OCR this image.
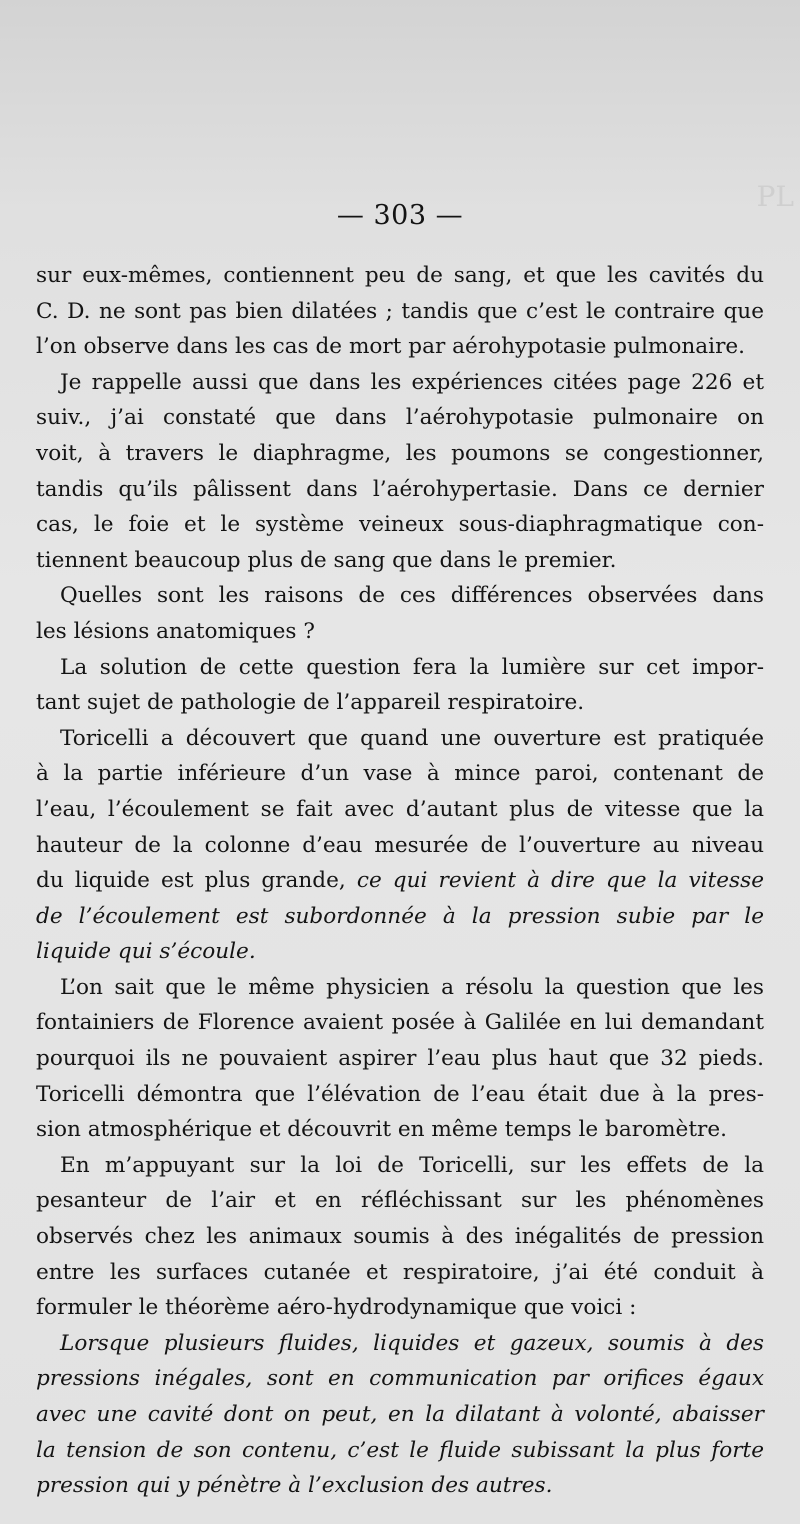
PL
— 303 —
sur eux-mêmes, contiennent peu de sang, et que les cavités du
C. D. ne sont pas bien dilatées ; tandis que c’est le contraire que
l’on observe dans les cas de mort par aérohypotasie pulmonaire.
Je rappelle aussi que dans les expériences citées page 226 et
suiv., j’ai constaté que dans l’aérohypotasie pulmonaire on
voit, à travers le diaphragme, les poumons se congestionner,
tandis qu’ils pâlissent dans l’aérohypertasie. Dans ce dernier
cas, le foie et le système veineux sous-diaphragmatique con-
tiennent beaucoup plus de sang que dans le premier.
Quelles sont les raisons de ces différences observées dans
les lésions anatomiques ?
La solution de cette question fera la lumière sur cet impor-
tant sujet de pathologie de l’appareil respiratoire.
Toricelli a découvert que quand une ouverture est pratiquée
à la partie inférieure d’un vase à mince paroi, contenant de
l’eau, l’écoulement se fait avec d’autant plus de vitesse que la
hauteur de la colonne d’eau mesurée de l’ouverture au niveau
du liquide est plus grande, ce qui revient à dire que la vitesse
de l’écoulement est subordonnée à la pression subie par le
liquide qui s’écoule.
L’on sait que le même physicien a résolu la question que les
fontainiers de Florence avaient posée à Galilée en lui demandant
pourquoi ils ne pouvaient aspirer l’eau plus haut que 32 pieds.
Toricelli démontra que l’élévation de l’eau était due à la pres-
sion atmosphérique et découvrit en même temps le baromètre.
En m’appuyant sur la loi de Toricelli, sur les effets de la
pesanteur de l’air et en réfléchissant sur les phénomènes
observés chez les animaux soumis à des inégalités de pression
entre les surfaces cutanée et respiratoire, j’ai été conduit à
formuler le théorème aéro-hydrodynamique que voici :
Lorsque plusieurs fluides, liquides et gazeux, soumis à des
pressions inégales, sont en communication par orifices égaux
avec une cavité dont on peut, en la dilatant à volonté, abaisser
la tension de son contenu, c’est le fluide subissant la plus forte
pression qui y pénètre à l’exclusion des autres.
